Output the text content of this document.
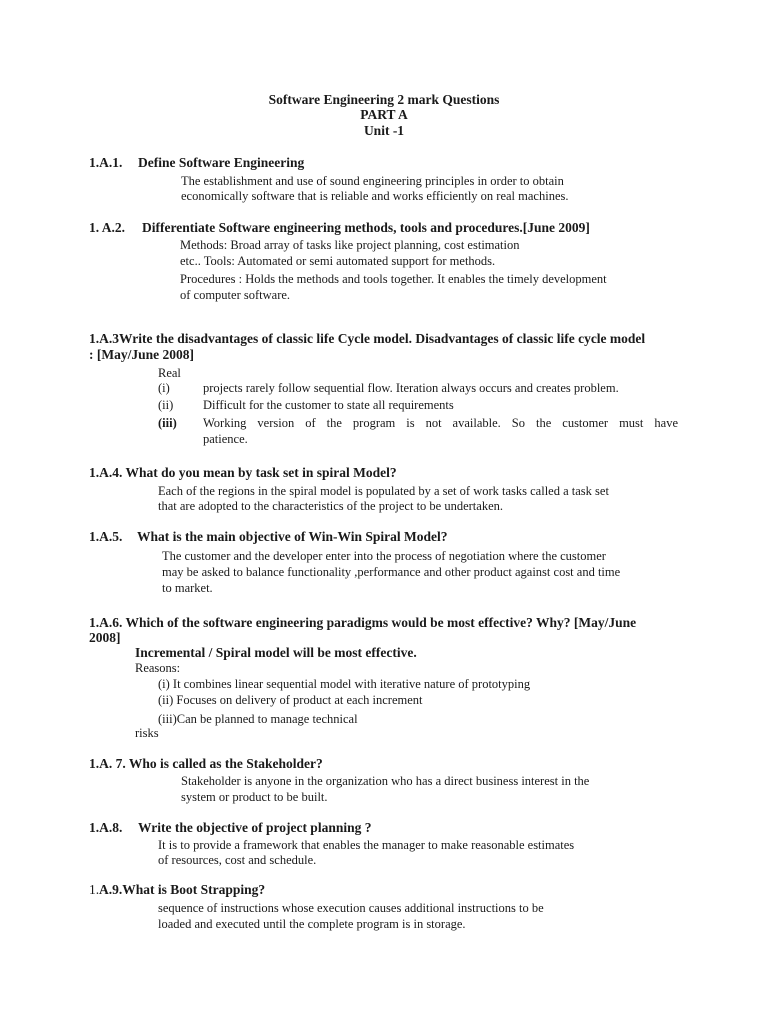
Software Engineering 2 mark Questions
PART A
Unit -1
1.A.1. Define Software Engineering
The establishment and use of sound engineering principles in order to obtain
economically software that is reliable and works efficiently on real machines.
1. A.2. Differentiate Software engineering methods, tools and procedures.[June 2009]
Methods: Broad array of tasks like project planning, cost estimation
etc.. Tools: Automated or semi automated support for methods.
Procedures : Holds the methods and tools together. It enables the timely development
of computer software.
1.A.3Write the disadvantages of classic life Cycle model. Disadvantages of classic life cycle model
: [May/June 2008]
Real
(i)	projects rarely follow sequential flow. Iteration always occurs and creates problem.
(ii) Difficult for the customer to state all requirements
(iii) Working version of the program is not available. So the customer must have
patience.
1.A.4. What do you mean by task set in spiral Model?
Each of the regions in the spiral model is populated by a set of work tasks called a task set
that are adopted to the characteristics of the project to be undertaken.
1.A.5. What is the main objective of Win-Win Spiral Model?
The customer and the developer enter into the process of negotiation where the customer
may be asked to balance functionality ,performance and other product against cost and time
to market.
1.A.6. Which of the software engineering paradigms would be most effective? Why? [May/June
2008]
Incremental / Spiral model will be most effective.
Reasons:
(i) It combines linear sequential model with iterative nature of prototyping
(ii) Focuses on delivery of product at each increment
(iii)Can be planned to manage technical
risks
1.A. 7. Who is called as the Stakeholder?
Stakeholder is anyone in the organization who has a direct business interest in the
system or product to be built.
1.A.8. Write the objective of project planning ?
It is to provide a framework that enables the manager to make reasonable estimates
of resources, cost and schedule.
1. A.9.What is Boot Strapping?
sequence of instructions whose execution causes additional instructions to be
loaded and executed until the complete program is in storage.
